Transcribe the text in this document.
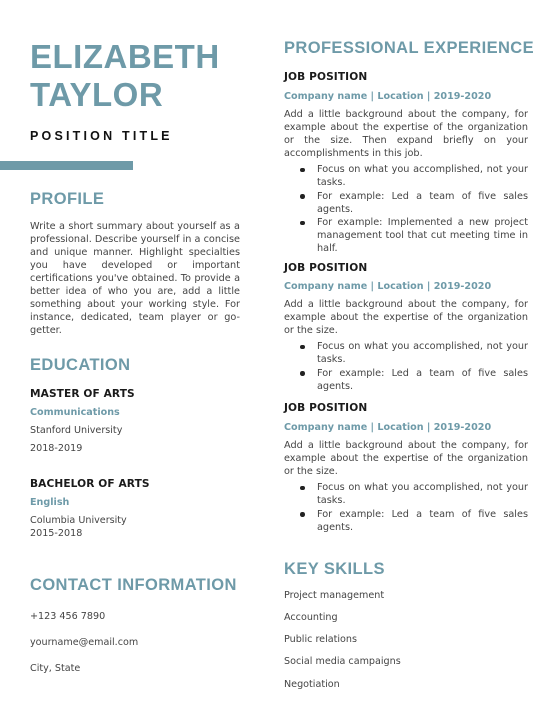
ELIZABETH
TAYLOR
POSITION TITLE
PROFILE
Write a short summary about yourself as a professional. Describe yourself in a concise and unique manner. Highlight specialties you have developed or important certifications you've obtained. To provide a better idea of who you are, add a little something about your working style. For instance, dedicated, team player or go-getter.
EDUCATION
MASTER OF ARTS
Communications
Stanford University
2018-2019
BACHELOR OF ARTS
English
Columbia University
2015-2018
CONTACT INFORMATION
+123 456 7890
yourname@email.com
City, State
PROFESSIONAL EXPERIENCE
JOB POSITION
Company name | Location | 2019-2020
Add a little background about the company, for example about the expertise of the organization or the size. Then expand briefly on your accomplishments in this job.
Focus on what you accomplished, not your tasks.
For example: Led a team of five sales agents.
For example: Implemented a new project management tool that cut meeting time in half.
JOB POSITION
Company name | Location | 2019-2020
Add a little background about the company, for example about the expertise of the organization or the size.
Focus on what you accomplished, not your tasks.
For example: Led a team of five sales agents.
JOB POSITION
Company name | Location | 2019-2020
Add a little background about the company, for example about the expertise of the organization or the size.
Focus on what you accomplished, not your tasks.
For example: Led a team of five sales agents.
KEY SKILLS
Project management
Accounting
Public relations
Social media campaigns
Negotiation
